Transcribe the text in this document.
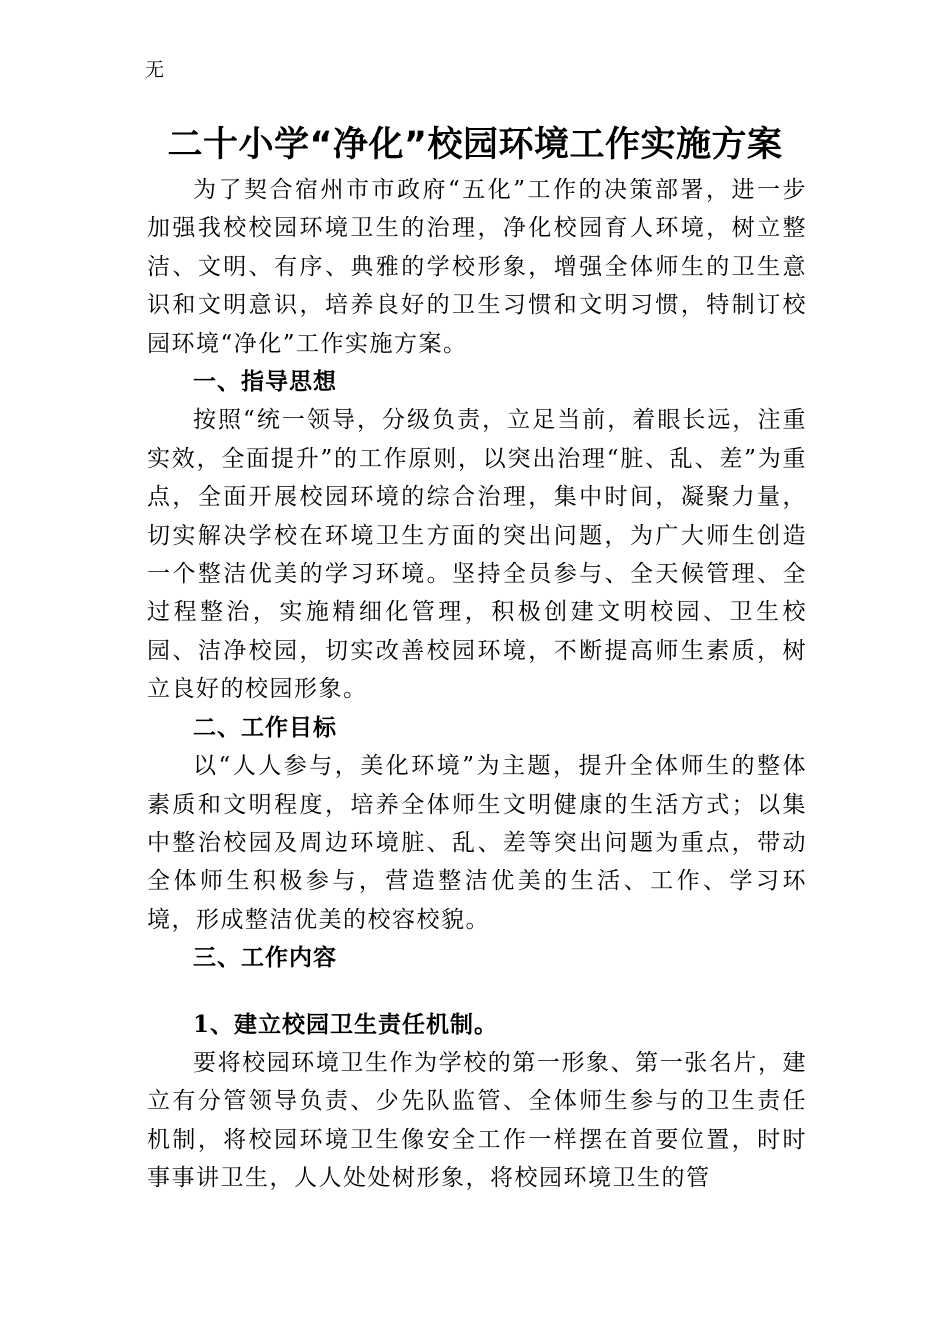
无
二十小学“净化”校园环境工作实施方案

为了契合宿州市市政府“五化”工作的决策部署，进一步加强我校校园环境卫生的治理，净化校园育人环境，树立整洁、文明、有序、典雅的学校形象，增强全体师生的卫生意识和文明意识，培养良好的卫生习惯和文明习惯，特制订校园环境“净化”工作实施方案。

一、指导思想

按照“统一领导，分级负责，立足当前，着眼长远，注重实效，全面提升”的工作原则，以突出治理“脏、乱、差”为重点，全面开展校园环境的综合治理，集中时间，凝聚力量，切实解决学校在环境卫生方面的突出问题，为广大师生创造一个整洁优美的学习环境。坚持全员参与、全天候管理、全过程整治，实施精细化管理，积极创建文明校园、卫生校园、洁净校园，切实改善校园环境，不断提高师生素质，树立良好的校园形象。

二、工作目标

以“人人参与，美化环境”为主题，提升全体师生的整体素质和文明程度，培养全体师生文明健康的生活方式；以集中整治校园及周边环境脏、乱、差等突出问题为重点，带动全体师生积极参与，营造整洁优美的生活、工作、学习环境，形成整洁优美的校容校貌。

三、工作内容

1、建立校园卫生责任机制。

要将校园环境卫生作为学校的第一形象、第一张名片，建立有分管领导负责、少先队监管、全体师生参与的卫生责任机制，将校园环境卫生像安全工作一样摆在首要位置，时时事事讲卫生，人人处处树形象，将校园环境卫生的管
